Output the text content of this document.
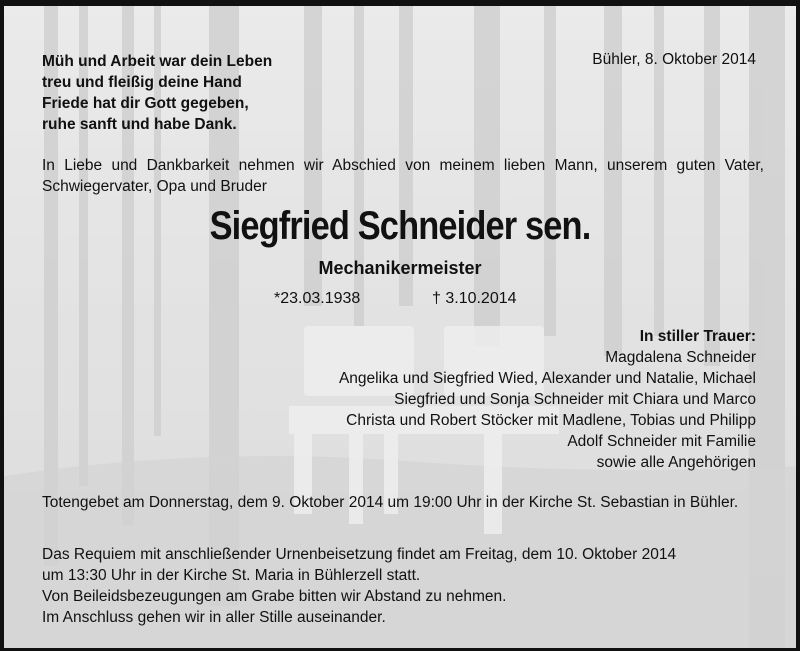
Müh und Arbeit war dein Leben
treu und fleißig deine Hand
Friede hat dir Gott gegeben,
ruhe sanft und habe Dank.
Bühler, 8. Oktober 2014
In Liebe und Dankbarkeit nehmen wir Abschied von meinem lieben Mann, unserem guten Vater, Schwiegervater, Opa und Bruder
Siegfried Schneider sen.
Mechanikermeister
*23.03.1938	† 3.10.2014
In stiller Trauer:
Magdalena Schneider
Angelika und Siegfried Wied, Alexander und Natalie, Michael
Siegfried und Sonja Schneider mit Chiara und Marco
Christa und Robert Stöcker mit Madlene, Tobias und Philipp
Adolf Schneider mit Familie
sowie alle Angehörigen
Totengebet am Donnerstag, dem 9. Oktober 2014 um 19:00 Uhr in der Kirche St. Sebastian in Bühler.
Das Requiem mit anschließender Urnenbeisetzung findet am Freitag, dem 10. Oktober 2014
um 13:30 Uhr in der Kirche St. Maria in Bühlerzell statt.
Von Beileidsbezeugungen am Grabe bitten wir Abstand zu nehmen.
Im Anschluss gehen wir in aller Stille auseinander.
